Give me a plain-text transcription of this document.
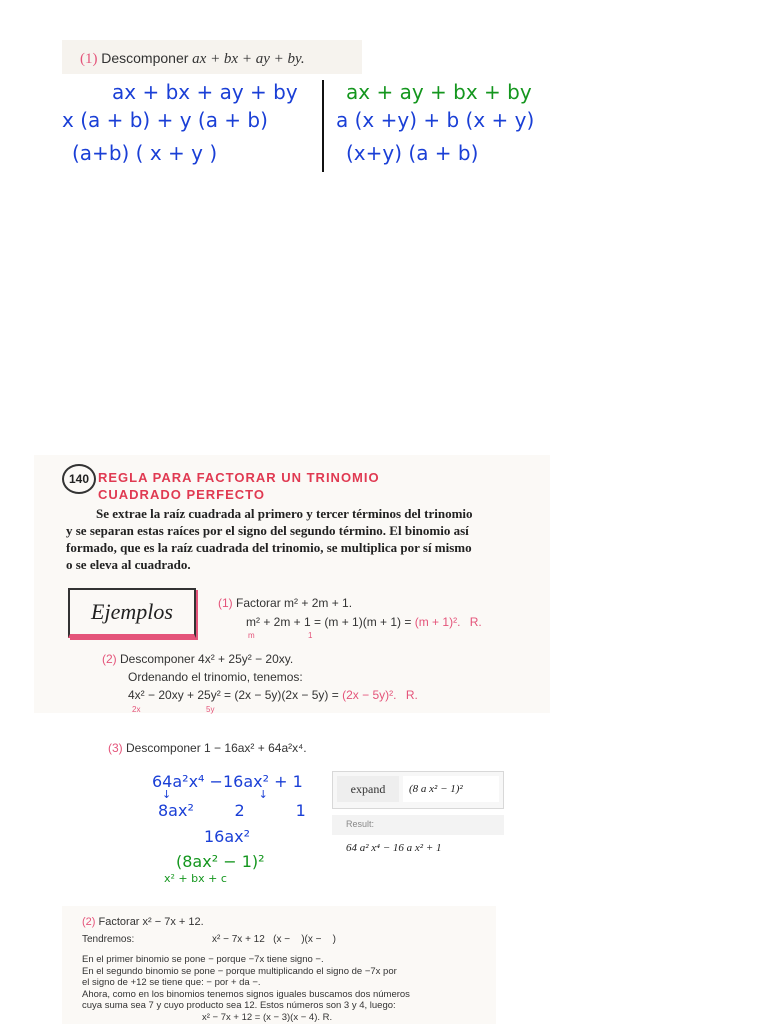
(1) Descomponer ax + bx + ay + by.
ax + bx + ay + by
x (a + b) + y (a + b)
(a+b) ( x + y )
ax + ay + bx + by
a (x +y) + b (x + y)
(x+y) (a + b)
140 REGLA PARA FACTORAR UN TRINOMIO
CUADRADO PERFECTO
Se extrae la raíz cuadrada al primero y tercer términos del trinomio
y se separan estas raíces por el signo del segundo término. El binomio así
formado, que es la raíz cuadrada del trinomio, se multiplica por sí mismo
o se eleva al cuadrado.
Ejemplos	(1) Factorar m² + 2m + 1.
m² + 2m + 1 = (m + 1)(m + 1) = (m + 1)². R.
m	1
(2) Descomponer 4x² + 25y² − 20xy.
Ordenando el trinomio, tenemos:
4x² − 20xy + 25y² = (2x − 5y)(2x − 5y) = (2x − 5y)². R.
2x	5y
(3) Descomponer 1 − 16ax² + 64a²x⁴.
64a²x⁴ −16ax² + 1
↓                         ↓
8ax²        2          1
16ax²
(8ax² − 1)²
x² + bx + c
expand (8 a x² − 1)²
Result:
64 a² x⁴ − 16 a x² + 1
(2) Factorar x² − 7x + 12.
Tendremos:	x² − 7x + 12   (x −    )(x −    )
En el primer binomio se pone − porque −7x tiene signo −.
En el segundo binomio se pone − porque multiplicando el signo de −7x por
el signo de +12 se tiene que: − por + da −.
Ahora, como en los binomios tenemos signos iguales buscamos dos números
cuya suma sea 7 y cuyo producto sea 12. Estos números son 3 y 4, luego:
x² − 7x + 12 = (x − 3)(x − 4). R.
